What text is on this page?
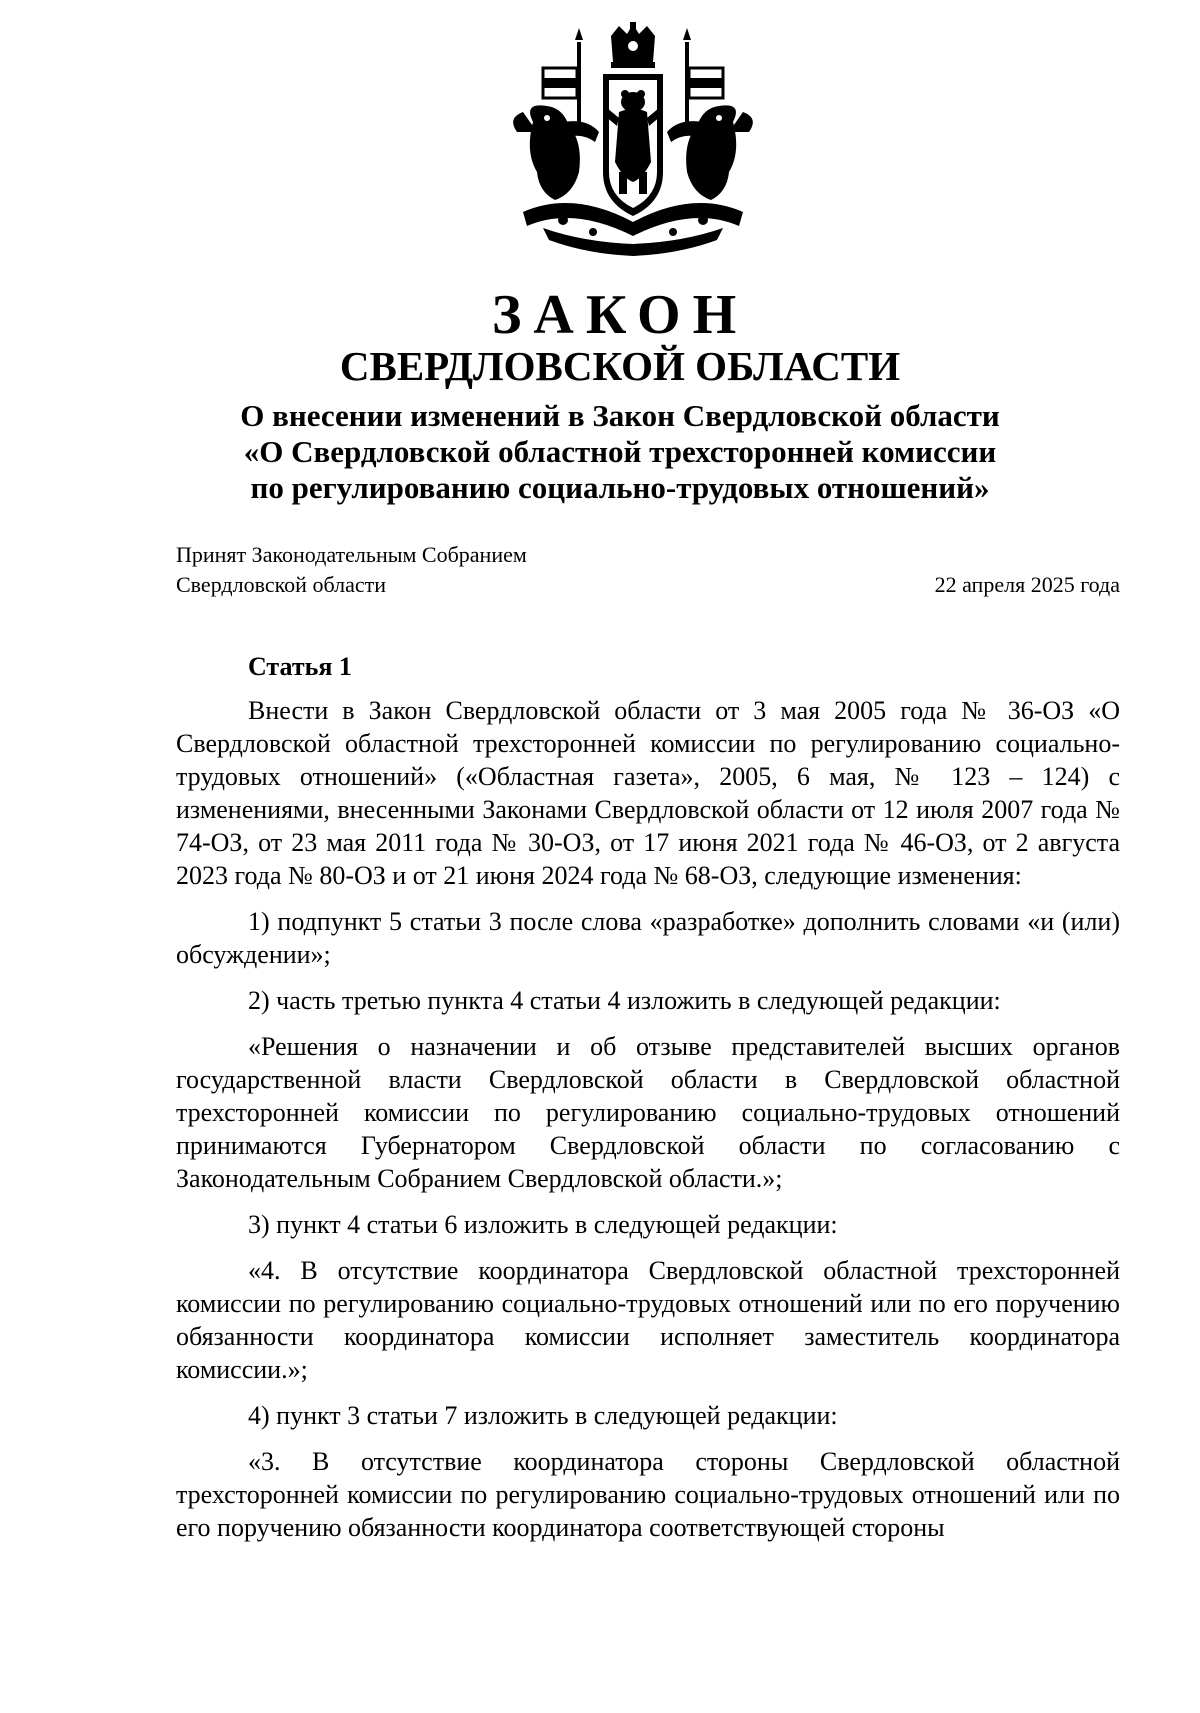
ЗАКОН
СВЕРДЛОВСКОЙ ОБЛАСТИ
О внесении изменений в Закон Свердловской области
«О Свердловской областной трехсторонней комиссии
по регулированию социально-трудовых отношений»
Принят Законодательным Собранием
Свердловской области	22 апреля 2025 года
Статья 1

Внести в Закон Свердловской области от 3 мая 2005 года № 36-ОЗ «О Свердловской областной трехсторонней комиссии по регулированию социально-трудовых отношений» («Областная газета», 2005, 6 мая, № 123 – 124) с изменениями, внесенными Законами Свердловской области от 12 июля 2007 года № 74-ОЗ, от 23 мая 2011 года № 30-ОЗ, от 17 июня 2021 года № 46-ОЗ, от 2 августа 2023 года № 80-ОЗ и от 21 июня 2024 года № 68-ОЗ, следующие изменения:

1) подпункт 5 статьи 3 после слова «разработке» дополнить словами «и (или) обсуждении»;

2) часть третью пункта 4 статьи 4 изложить в следующей редакции:

«Решения о назначении и об отзыве представителей высших органов государственной власти Свердловской области в Свердловской областной трехсторонней комиссии по регулированию социально-трудовых отношений принимаются Губернатором Свердловской области по согласованию с Законодательным Собранием Свердловской области.»;

3) пункт 4 статьи 6 изложить в следующей редакции:

«4. В отсутствие координатора Свердловской областной трехсторонней комиссии по регулированию социально-трудовых отношений или по его поручению обязанности координатора комиссии исполняет заместитель координатора комиссии.»;

4) пункт 3 статьи 7 изложить в следующей редакции:

«3. В отсутствие координатора стороны Свердловской областной трехсторонней комиссии по регулированию социально-трудовых отношений или по его поручению обязанности координатора соответствующей стороны
